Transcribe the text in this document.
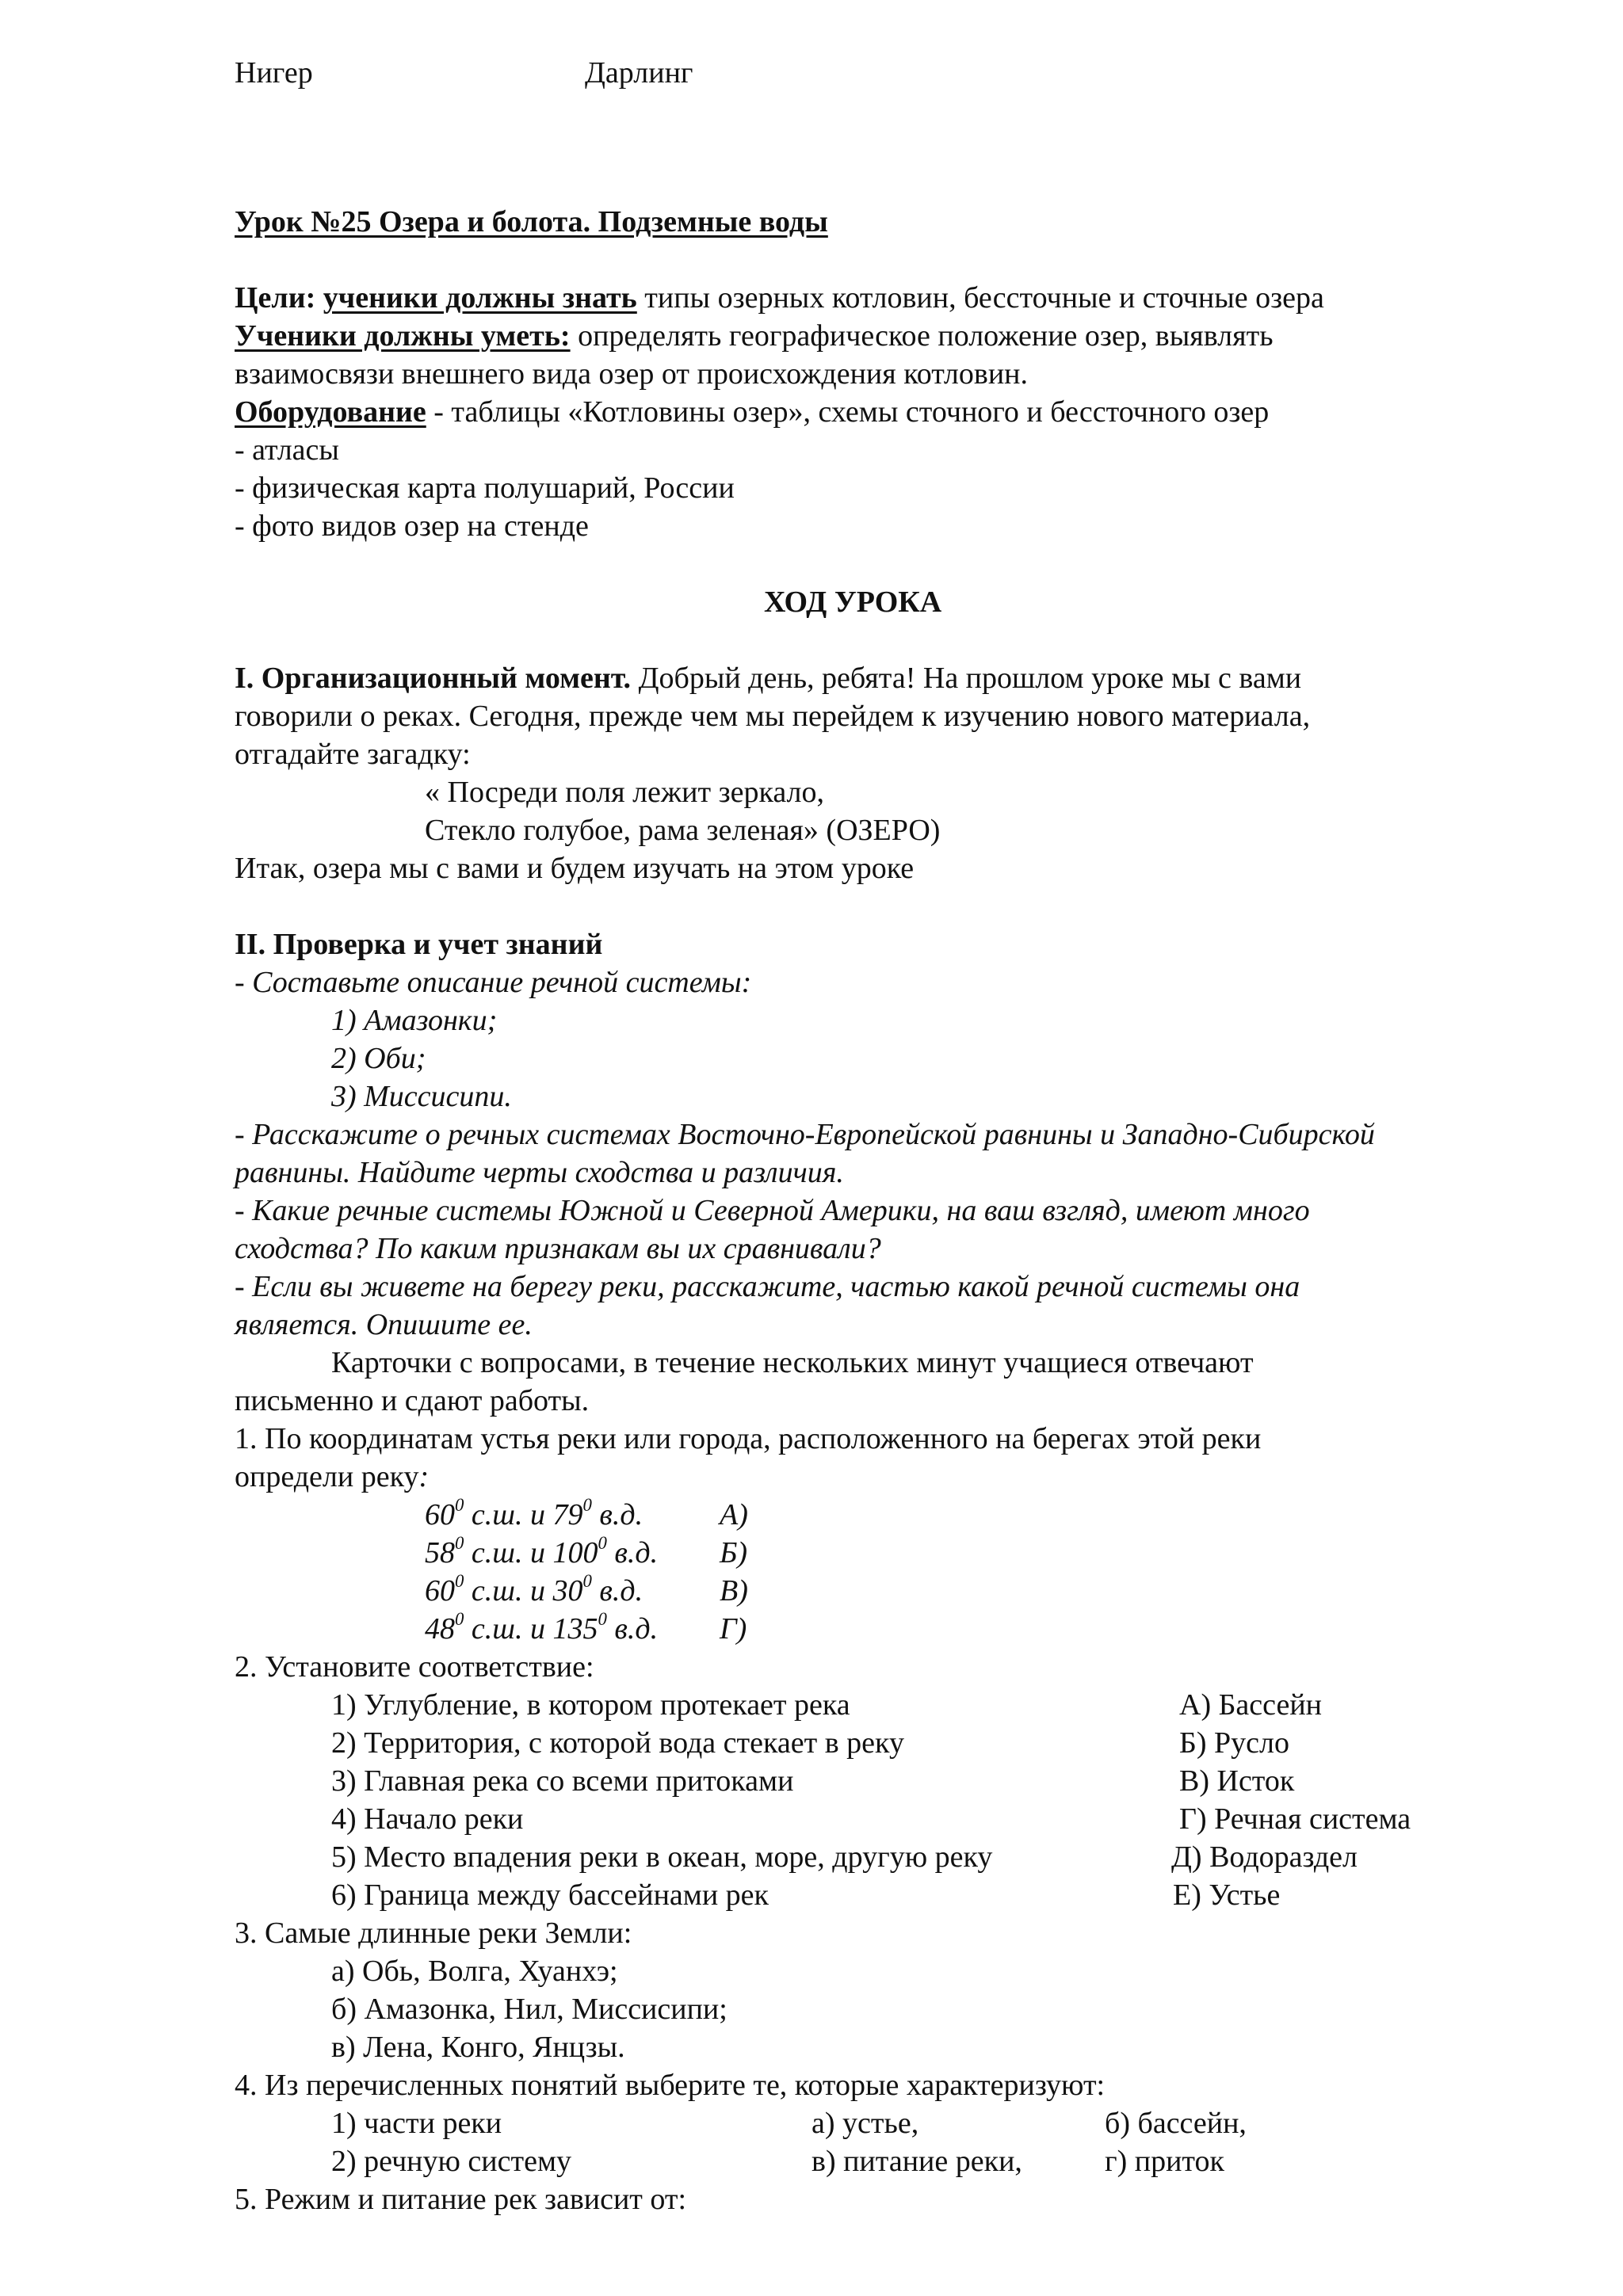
Нигер	Дарлинг
Урок №25 Озера и болота. Подземные воды
Цели: ученики должны знать типы озерных котловин, бессточные и сточные озера
Ученики должны уметь: определять географическое положение озер, выявлять
взаимосвязи внешнего вида озер от происхождения котловин.
Оборудование - таблицы «Котловины озер», схемы сточного и бессточного озер
- атласы
- физическая карта полушарий, России
- фото видов озер на стенде
ХОД УРОКА
I. Организационный момент. Добрый день, ребята! На прошлом уроке мы с вами
говорили о реках. Сегодня, прежде чем мы перейдем к изучению нового материала,
отгадайте загадку:
« Посреди поля лежит зеркало,
Стекло голубое, рама зеленая» (ОЗЕРО)
Итак, озера мы с вами и будем изучать на этом уроке
II. Проверка и учет знаний
- Составьте описание речной системы:
1) Амазонки;
2) Оби;
3) Миссисипи.
- Расскажите о речных системах Восточно-Европейской равнины и Западно-Сибирской
равнины. Найдите черты сходства и различия.
- Какие речные системы Южной и Северной Америки, на ваш взгляд, имеют много
сходства? По каким признакам вы их сравнивали?
- Если вы живете на берегу реки, расскажите, частью какой речной системы она
является. Опишите ее.
Карточки с вопросами, в течение нескольких минут учащиеся отвечают
письменно и сдают работы.
1. По координатам устья реки или города, расположенного на берегах этой реки
определи реку:
$60^0$ с.ш. и $79^0$ в.д.	А)
$58^0$ с.ш. и $100^0$ в.д. Б)
$60^0$ с.ш. и $30^0$ в.д.	В)
$48^0$ с.ш. и $135^0$ в.д. Г)
2. Установите соответствие:
1) Углубление, в котором протекает река	А) Бассейн
2) Территория, с которой вода стекает в реку	Б) Русло
3) Главная река со всеми притоками	В) Исток
4) Начало реки	Г) Речная система
5) Место впадения реки в океан, море, другую реку	Д) Водораздел
6) Граница между бассейнами рек	Е) Устье
3. Самые длинные реки Земли:
а) Обь, Волга, Хуанхэ;
б) Амазонка, Нил, Миссисипи;
в) Лена, Конго, Янцзы.
4. Из перечисленных понятий выберите те, которые характеризуют:
1) части реки	а) устье,	б) бассейн,
2) речную систему	в) питание реки,	г) приток
5. Режим и питание рек зависит от:
